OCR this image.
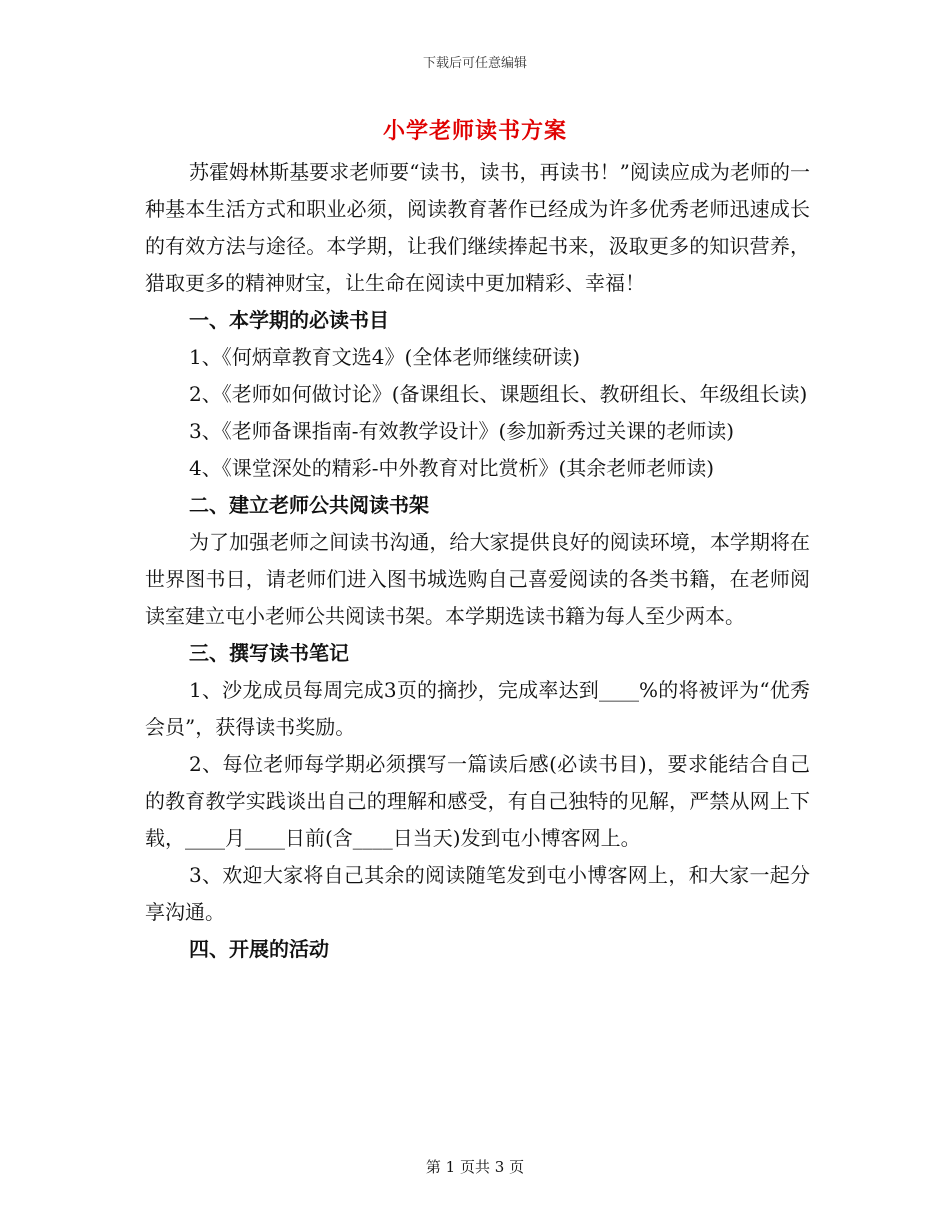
下载后可任意编辑
小学老师读书方案

苏霍姆林斯基要求老师要“读书，读书，再读书！”阅读应成为老师的一种基本生活方式和职业必须，阅读教育著作已经成为许多优秀老师迅速成长的有效方法与途径。本学期，让我们继续捧起书来，汲取更多的知识营养，猎取更多的精神财宝，让生命在阅读中更加精彩、幸福！

一、本学期的必读书目

1、《何炳章教育文选4》(全体老师继续研读)

2、《老师如何做讨论》(备课组长、课题组长、教研组长、年级组长读)

3、《老师备课指南-有效教学设计》(参加新秀过关课的老师读)

4、《课堂深处的精彩-中外教育对比赏析》(其余老师老师读)

二、建立老师公共阅读书架

为了加强老师之间读书沟通，给大家提供良好的阅读环境，本学期将在世界图书日，请老师们进入图书城选购自己喜爱阅读的各类书籍，在老师阅读室建立屯小老师公共阅读书架。本学期选读书籍为每人至少两本。

三、撰写读书笔记

1、沙龙成员每周完成3页的摘抄，完成率达到____%的将被评为“优秀会员”，获得读书奖励。

2、每位老师每学期必须撰写一篇读后感(必读书目)，要求能结合自己的教育教学实践谈出自己的理解和感受，有自己独特的见解，严禁从网上下载，____月____日前(含____日当天)发到屯小博客网上。

3、欢迎大家将自己其余的阅读随笔发到屯小博客网上，和大家一起分享沟通。

四、开展的活动

第 1 页共 3 页
